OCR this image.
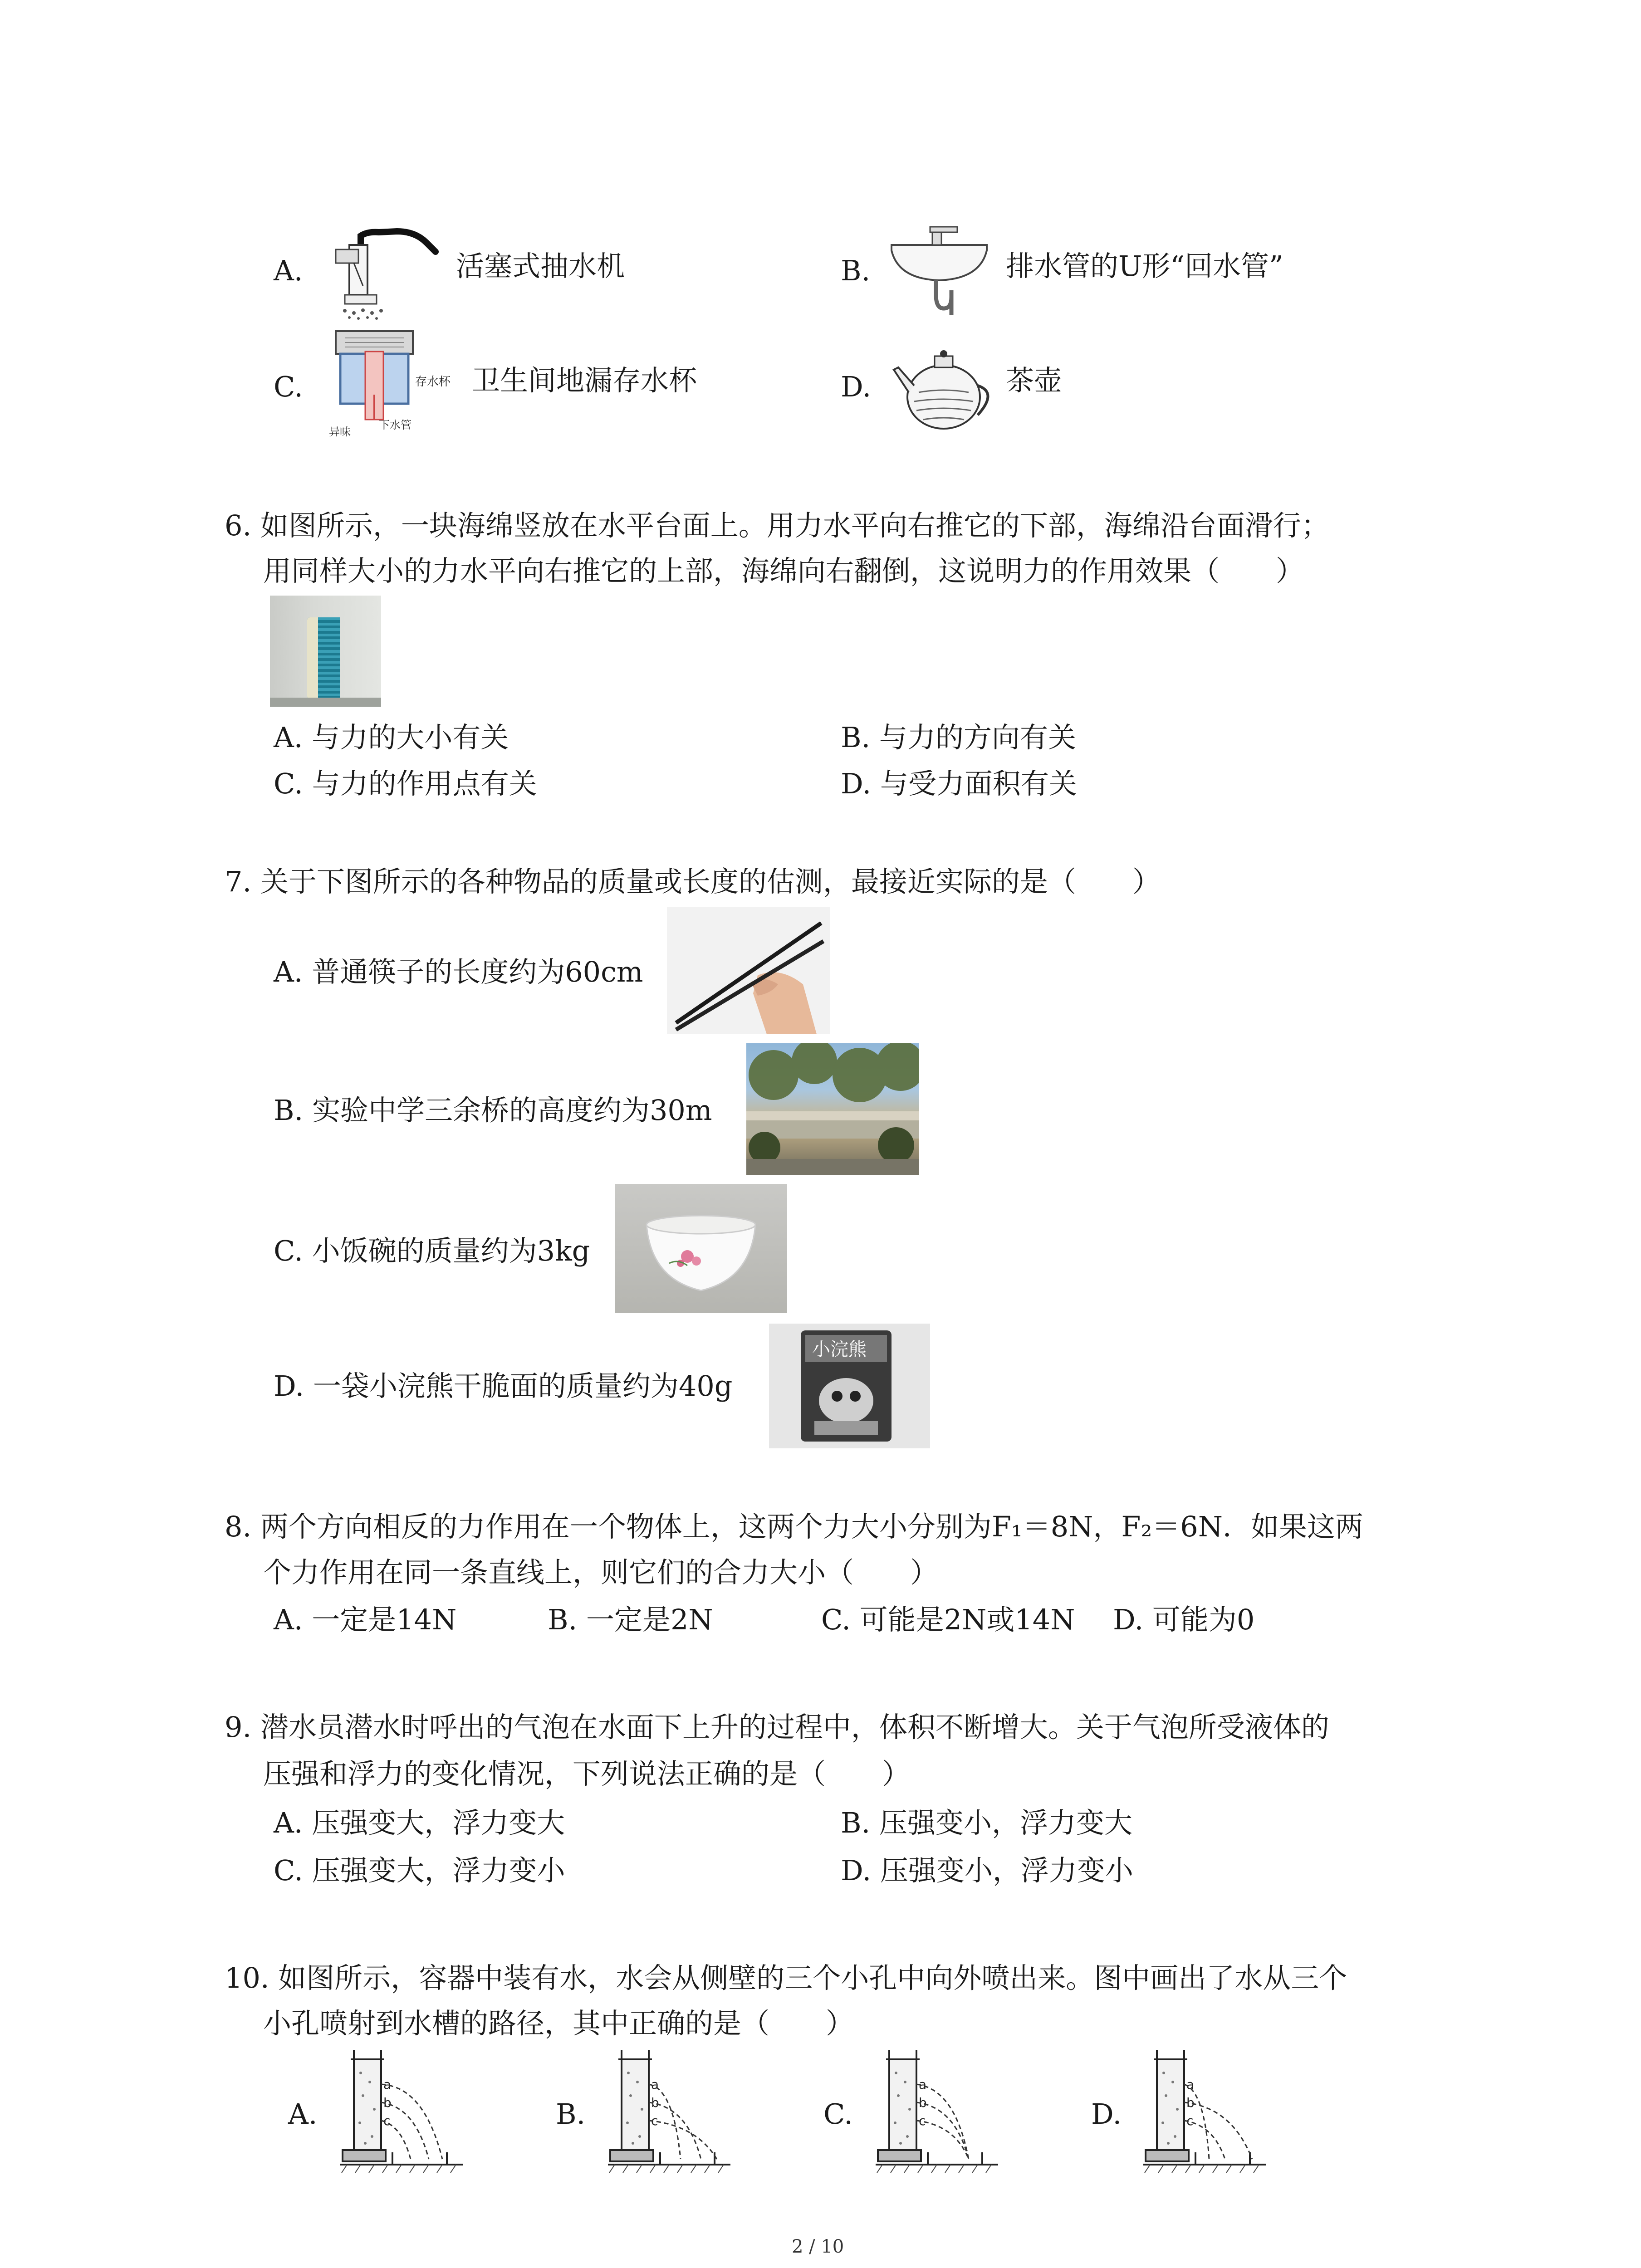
A.	活塞式抽水机	B.	排水管的U形“回水管”
C.	存水杯
异味
下水管
卫生间地漏存水杯	D.	茶壶
6. 如图所示，一块海绵竖放在水平台面上。用力水平向右推它的下部，海绵沿台面滑行；
用同样大小的力水平向右推它的上部，海绵向右翻倒，这说明力的作用效果（　　）
A. 与力的大小有关	B. 与力的方向有关
C. 与力的作用点有关	D. 与受力面积有关
7. 关于下图所示的各种物品的质量或长度的估测，最接近实际的是（　　）
A. 普通筷子的长度约为60cm
B. 实验中学三余桥的高度约为30m
C. 小饭碗的质量约为3kg
D. 一袋小浣熊干脆面的质量约为40g
小浣熊
8. 两个方向相反的力作用在一个物体上，这两个力大小分别为F₁＝8N，F₂＝6N．如果这两
个力作用在同一条直线上，则它们的合力大小（　　）
A. 一定是14N	B. 一定是2N	C. 可能是2N或14N D. 可能为0
9. 潜水员潜水时呼出的气泡在水面下上升的过程中，体积不断增大。关于气泡所受液体的
压强和浮力的变化情况，下列说法正确的是（　　）
A. 压强变大，浮力变大	B. 压强变小，浮力变大
C. 压强变大，浮力变小	D. 压强变小，浮力变小
10. 如图所示，容器中装有水，水会从侧壁的三个小孔中向外喷出来。图中画出了水从三个
小孔喷射到水槽的路径，其中正确的是（　　）
A.
a
b
c	B.
a
b
c	C.
a
b
c	D.
a
b
c
2 / 10
